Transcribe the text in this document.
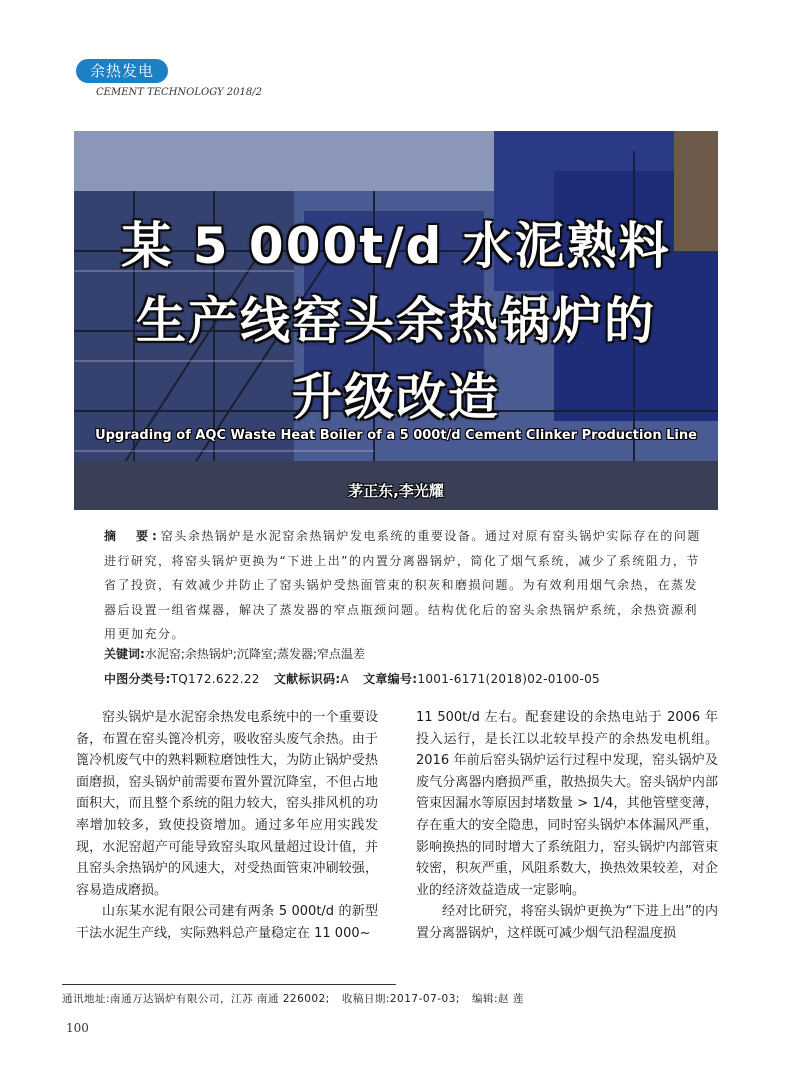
余热发电
CEMENT TECHNOLOGY 2018/2
某 5 000t/d 水泥熟料
生产线窑头余热锅炉的
升级改造
Upgrading of AQC Waste Heat Boiler of a 5 000t/d Cement Clinker Production Line
茅正东,李光耀
摘　要:窑头余热锅炉是水泥窑余热锅炉发电系统的重要设备。通过对原有窑头锅炉实际存在的问题进行研究，将窑头锅炉更换为“下进上出”的内置分离器锅炉，简化了烟气系统，减少了系统阻力，节省了投资，有效减少并防止了窑头锅炉受热面管束的积灰和磨损问题。为有效利用烟气余热，在蒸发器后设置一组省煤器，解决了蒸发器的窄点瓶颈问题。结构优化后的窑头余热锅炉系统，余热资源利用更加充分。
关键词:水泥窑;余热锅炉;沉降室;蒸发器;窄点温差
中图分类号:TQ172.622.22 文献标识码:A 文章编号:1001-6171(2018)02-0100-05

窑头锅炉是水泥窑余热发电系统中的一个重要设备，布置在窑头篦冷机旁，吸收窑头废气余热。由于篦冷机废气中的熟料颗粒磨蚀性大，为防止锅炉受热面磨损，窑头锅炉前需要布置外置沉降室，不但占地面积大，而且整个系统的阻力较大，窑头排风机的功率增加较多，致使投资增加。通过多年应用实践发现，水泥窑超产可能导致窑头取风量超过设计值，并且窑头余热锅炉的风速大，对受热面管束冲刷较强，容易造成磨损。

山东某水泥有限公司建有两条 5 000t/d 的新型干法水泥生产线，实际熟料总产量稳定在 11 000~

11 500t/d 左右。配套建设的余热电站于 2006 年投入运行，是长江以北较早投产的余热发电机组。2016 年前后窑头锅炉运行过程中发现，窑头锅炉及废气分离器内磨损严重，散热损失大。窑头锅炉内部管束因漏水等原因封堵数量 > 1/4，其他管壁变薄，存在重大的安全隐患，同时窑头锅炉本体漏风严重，影响换热的同时增大了系统阻力，窑头锅炉内部管束较密，积灰严重，风阻系数大，换热效果较差，对企业的经济效益造成一定影响。

经对比研究，将窑头锅炉更换为“下进上出”的内置分离器锅炉，这样既可减少烟气沿程温度损

通讯地址:南通万达锅炉有限公司，江苏 南通 226002; 收稿日期:2017-07-03; 编辑:赵 莲
100
